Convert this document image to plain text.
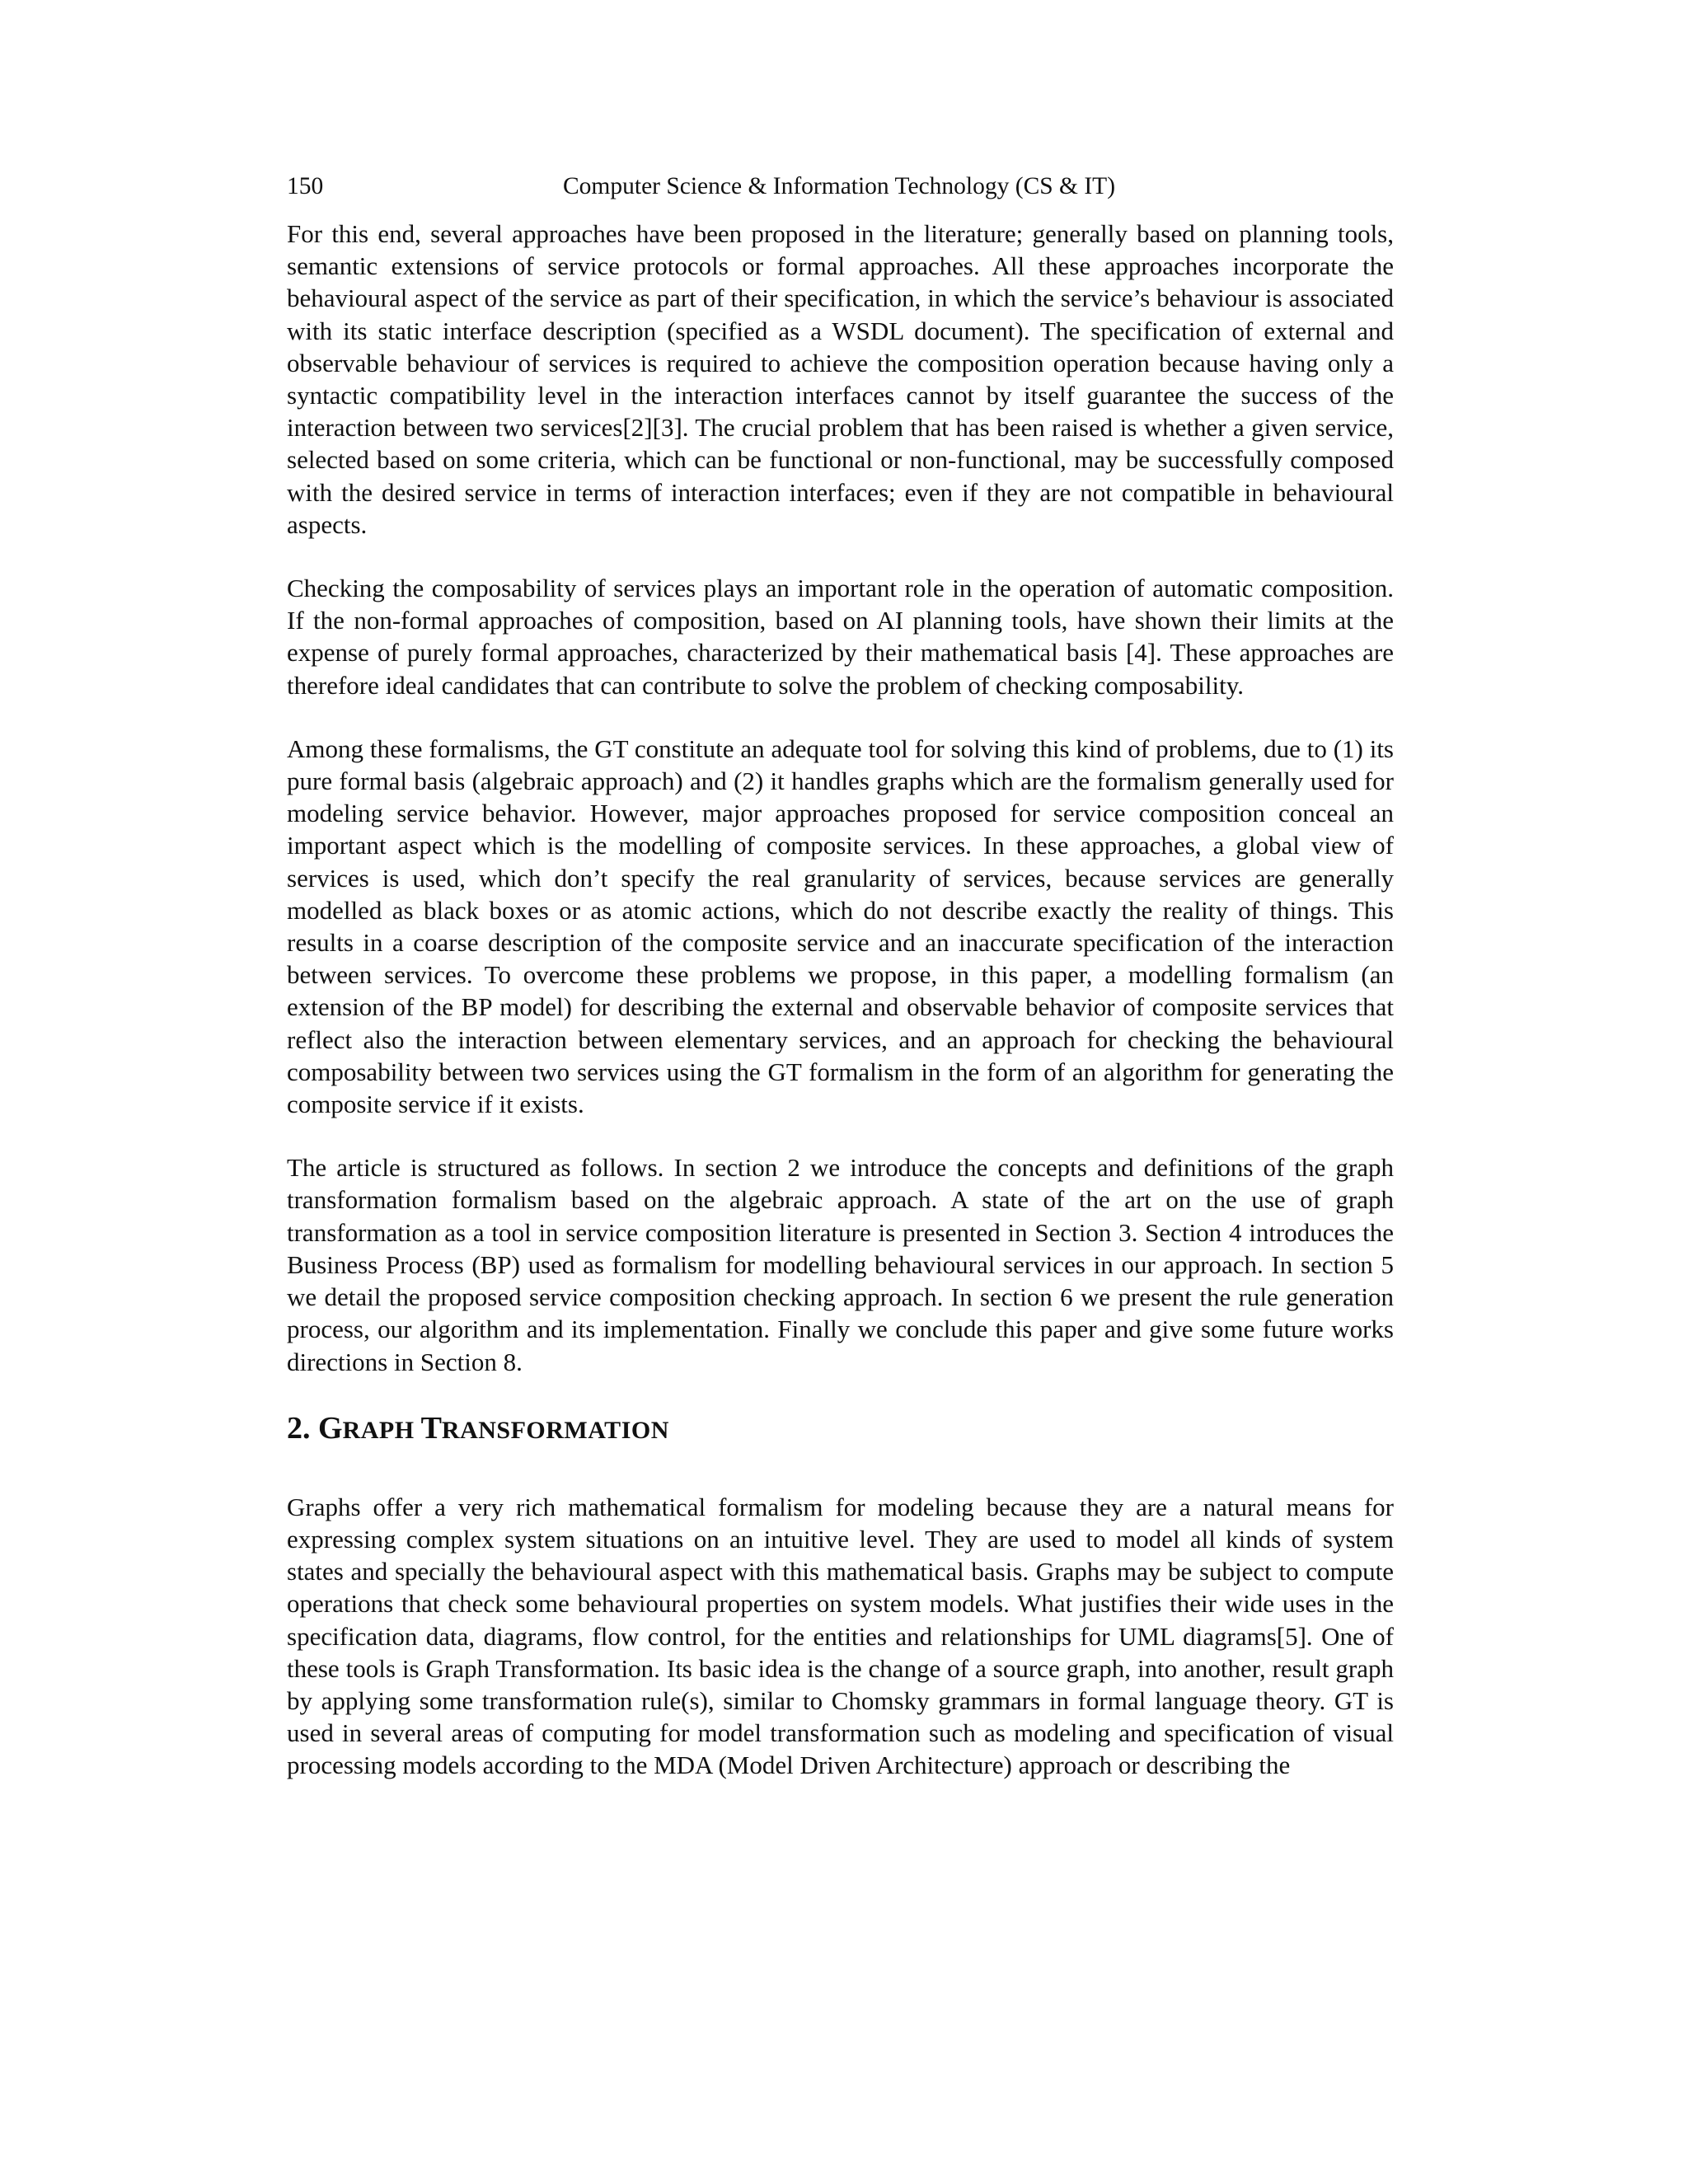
150	Computer Science & Information Technology (CS & IT)

For this end, several approaches have been proposed in the literature; generally based on planning tools, semantic extensions of service protocols or formal approaches. All these approaches incorporate the behavioural aspect of the service as part of their specification, in which the service’s behaviour is associated with its static interface description (specified as a WSDL document). The specification of external and observable behaviour of services is required to achieve the composition operation because having only a syntactic compatibility level in the interaction interfaces cannot by itself guarantee the success of the interaction between two services[2][3]. The crucial problem that has been raised is whether a given service, selected based on some criteria, which can be functional or non-functional, may be successfully composed with the desired service in terms of interaction interfaces; even if they are not compatible in behavioural aspects.

Checking the composability of services plays an important role in the operation of automatic composition. If the non-formal approaches of composition, based on AI planning tools, have shown their limits at the expense of purely formal approaches, characterized by their mathematical basis [4]. These approaches are therefore ideal candidates that can contribute to solve the problem of checking composability.

Among these formalisms, the GT constitute an adequate tool for solving this kind of problems, due to (1) its pure formal basis (algebraic approach) and (2) it handles graphs which are the formalism generally used for modeling service behavior. However, major approaches proposed for service composition conceal an important aspect which is the modelling of composite services. In these approaches, a global view of services is used, which don’t specify the real granularity of services, because services are generally modelled as black boxes or as atomic actions, which do not describe exactly the reality of things. This results in a coarse description of the composite service and an inaccurate specification of the interaction between services. To overcome these problems we propose, in this paper, a modelling formalism (an extension of the BP model) for describing the external and observable behavior of composite services that reflect also the interaction between elementary services, and an approach for checking the behavioural composability between two services using the GT formalism in the form of an algorithm for generating the composite service if it exists.

The article is structured as follows. In section 2 we introduce the concepts and definitions of the graph transformation formalism based on the algebraic approach. A state of the art on the use of graph transformation as a tool in service composition literature is presented in Section 3. Section 4 introduces the Business Process (BP) used as formalism for modelling behavioural services in our approach. In section 5 we detail the proposed service composition checking approach. In section 6 we present the rule generation process, our algorithm and its implementation. Finally we conclude this paper and give some future works directions in Section 8.

2. GRAPH TRANSFORMATION

Graphs offer a very rich mathematical formalism for modeling because they are a natural means for expressing complex system situations on an intuitive level. They are used to model all kinds of system states and specially the behavioural aspect with this mathematical basis. Graphs may be subject to compute operations that check some behavioural properties on system models. What justifies their wide uses in the specification data, diagrams, flow control, for the entities and relationships for UML diagrams[5]. One of these tools is Graph Transformation. Its basic idea is the change of a source graph, into another, result graph by applying some transformation rule(s), similar to Chomsky grammars in formal language theory. GT is used in several areas of computing for model transformation such as modeling and specification of visual processing models according to the MDA (Model Driven Architecture) approach or describing the
